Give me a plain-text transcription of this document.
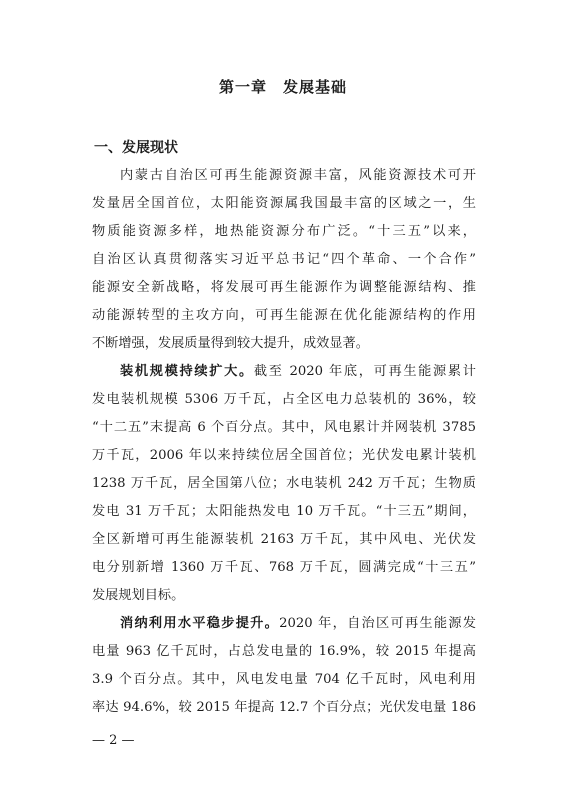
第一章　发展基础
一、发展现状
内蒙古自治区可再生能源资源丰富，风能资源技术可开
发量居全国首位，太阳能资源属我国最丰富的区域之一，生
物质能资源多样，地热能资源分布广泛。“十三五”以来，
自治区认真贯彻落实习近平总书记“四个革命、一个合作”
能源安全新战略，将发展可再生能源作为调整能源结构、推
动能源转型的主攻方向，可再生能源在优化能源结构的作用
不断增强，发展质量得到较大提升，成效显著。
装机规模持续扩大。截至 2020 年底，可再生能源累计
发电装机规模 5306 万千瓦，占全区电力总装机的 36%，较
“十二五”末提高 6 个百分点。其中，风电累计并网装机 3785
万千瓦，2006 年以来持续位居全国首位；光伏发电累计装机
1238 万千瓦，居全国第八位；水电装机 242 万千瓦；生物质
发电 31 万千瓦；太阳能热发电 10 万千瓦。“十三五”期间，
全区新增可再生能源装机 2163 万千瓦，其中风电、光伏发
电分别新增 1360 万千瓦、768 万千瓦，圆满完成“十三五”
发展规划目标。
消纳利用水平稳步提升。2020 年，自治区可再生能源发
电量 963 亿千瓦时，占总发电量的 16.9%，较 2015 年提高
3.9 个百分点。其中，风电发电量 704 亿千瓦时，风电利用
率达 94.6%，较 2015 年提高 12.7 个百分点；光伏发电量 186
— 2 —
